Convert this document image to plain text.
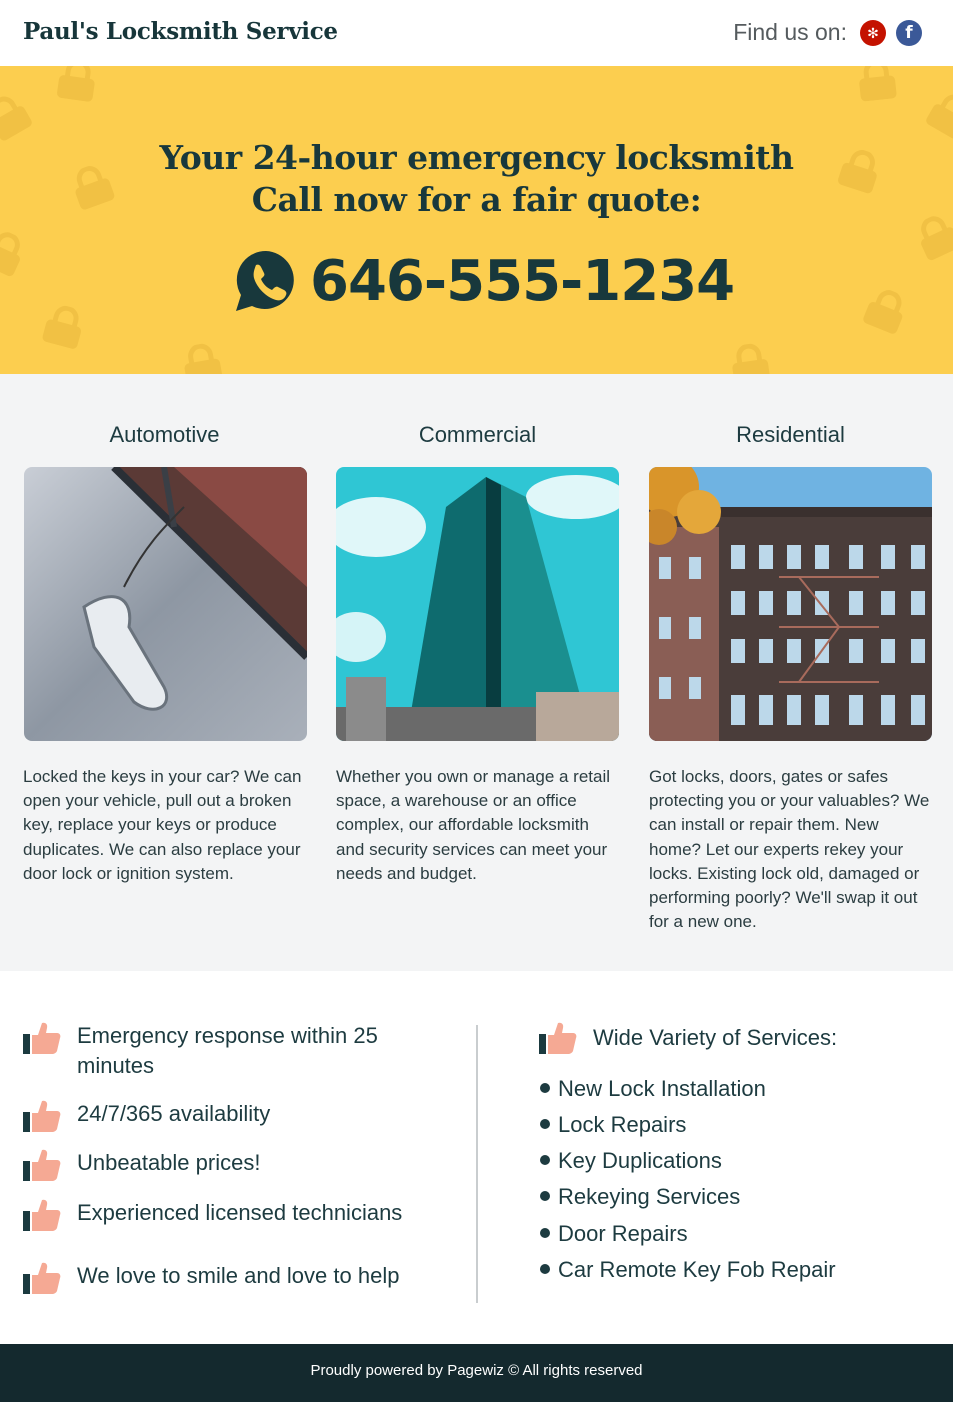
Paul's Locksmith Service	Find us on:	✻	f
Your 24-hour emergency locksmith
Call now for a fair quote:
646-555-1234
Automotive	Commercial	Residential
Locked the keys in your car? We can open your vehicle, pull out a broken key, replace your keys or produce duplicates. We can also replace your door lock or ignition system.
Whether you own or manage a retail space, a warehouse or an office complex, our affordable locksmith and security services can meet your needs and budget.
Got locks, doors, gates or safes protecting you or your valuables? We can install or repair them. New home? Let our experts rekey your locks. Existing lock old, damaged or performing poorly? We'll swap it out for a new one.
Emergency response within 25 minutes
24/7/365 availability
Unbeatable prices!
Experienced licensed technicians
We love to smile and love to help
Wide Variety of Services:
New Lock Installation
Lock Repairs
Key Duplications
Rekeying Services
Door Repairs
Car Remote Key Fob Repair
Proudly powered by Pagewiz © All rights reserved
